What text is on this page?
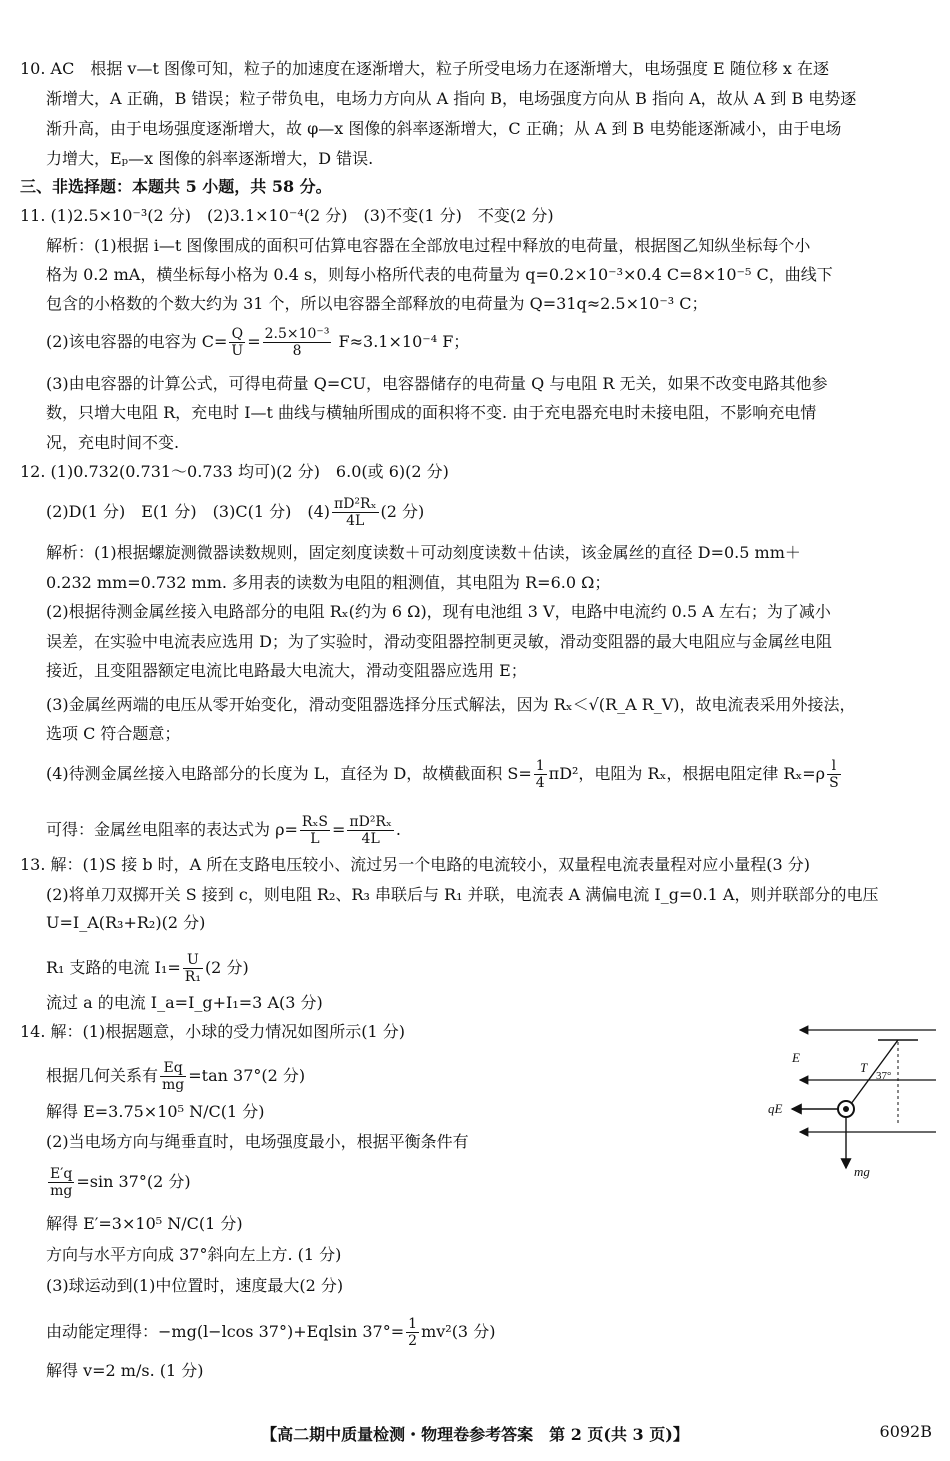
10. AC　根据 v—t 图像可知，粒子的加速度在逐渐增大，粒子所受电场力在逐渐增大，电场强度 E 随位移 x 在逐
渐增大，A 正确，B 错误；粒子带负电，电场力方向从 A 指向 B，电场强度方向从 B 指向 A，故从 A 到 B 电势逐
渐升高，由于电场强度逐渐增大，故 φ—x 图像的斜率逐渐增大，C 正确；从 A 到 B 电势能逐渐减小，由于电场
力增大，Eₚ—x 图像的斜率逐渐增大，D 错误.
三、非选择题：本题共 5 小题，共 58 分。
11. (1)2.5×10⁻³(2 分)　(2)3.1×10⁻⁴(2 分)　(3)不变(1 分)　不变(2 分)
解析：(1)根据 i—t 图像围成的面积可估算电容器在全部放电过程中释放的电荷量，根据图乙知纵坐标每个小
格为 0.2 mA，横坐标每小格为 0.4 s，则每小格所代表的电荷量为 q=0.2×10⁻³×0.4 C=8×10⁻⁵ C，曲线下
包含的小格数的个数大约为 31 个，所以电容器全部释放的电荷量为 Q=31q≈2.5×10⁻³ C；
(2)该电容器的电容为 $C= \frac{Q}{U} = \frac{\text{2.5×10⁻³}}{8} F\approx 3.1\times 10^{-4}$ F；
(3)由电容器的计算公式，可得电荷量 Q=CU，电容器储存的电荷量 Q 与电阻 R 无关，如果不改变电路其他参
数，只增大电阻 R，充电时 I—t 曲线与横轴所围成的面积将不变. 由于充电器充电时未接电阻，不影响充电情
况，充电时间不变.
12. (1)0.732(0.731～0.733 均可)(2 分)　6.0(或 6)(2 分)
(2)D(1 分)　E(1 分)　(3)C(1 分)　$(4) \frac{\text{πD²Rₓ}}{4L} (2$ 分)
解析：(1)根据螺旋测微器读数规则，固定刻度读数＋可动刻度读数＋估读，该金属丝的直径 D=0.5 mm＋
0.232 mm=0.732 mm. 多用表的读数为电阻的粗测值，其电阻为 R=6.0 Ω；
(2)根据待测金属丝接入电路部分的电阻 Rₓ(约为 6 Ω)，现有电池组 3 V，电路中电流约 0.5 A 左右；为了减小
误差，在实验中电流表应选用 D；为了实验时，滑动变阻器控制更灵敏，滑动变阻器的最大电阻应与金属丝电阻
接近，且变阻器额定电流比电路最大电流大，滑动变阻器应选用 E；
(3)金属丝两端的电压从零开始变化，滑动变阻器选择分压式解法，因为 Rₓ＜√(R_A R_V)，故电流表采用外接法，
选项 C 符合题意；
(4)待测金属丝接入电路部分的长度为 L，直径为 D，故横截面积 $S= \frac{1}{4} \pi D^2$，电阻为 Rₓ，根据电阻定律 $R_x=\rho \frac{l}{S}$
可得：金属丝电阻率的表达式为 $\rho= \frac{\text{RₓS}}{L} = \frac{\text{πD²Rₓ}}{4L}$ .
13. 解：(1)S 接 b 时，A 所在支路电压较小、流过另一个电路的电流较小，双量程电流表量程对应小量程(3 分)
(2)将单刀双掷开关 S 接到 c，则电阻 R₂、R₃ 串联后与 R₁ 并联，电流表 A 满偏电流 I_g=0.1 A，则并联部分的电压
U=I_A(R₃+R₂)(2 分)
R₁ 支路的电流 $I_1= \frac{U}{\text{R₁}} (2$ 分)
流过 a 的电流 I_a=I_g+I₁=3 A(3 分)
14. 解：(1)根据题意，小球的受力情况如图所示(1 分)
根据几何关系有 $\frac{Eq}{mg} =\tan$ 37°(2 分)
解得 E=3.75×10⁵ N/C(1 分)
(2)当电场方向与绳垂直时，电场强度最小，根据平衡条件有
$\frac{E'q}{mg} =\sin$ 37°(2 分)
解得 E′=3×10⁵ N/C(1 分)
方向与水平方向成 37°斜向左上方. (1 分)
(3)球运动到(1)中位置时，速度最大(2 分)
由动能定理得：−mg(l−lcos 37°)+Eqlsin $37^\circ= \frac{1}{2} mv^2(3$ 分)
解得 v=2 m/s. (1 分)
E
T
37°
qE
mg
【高二期中质量检测・物理卷参考答案　第 2 页(共 3 页)】	6092B
